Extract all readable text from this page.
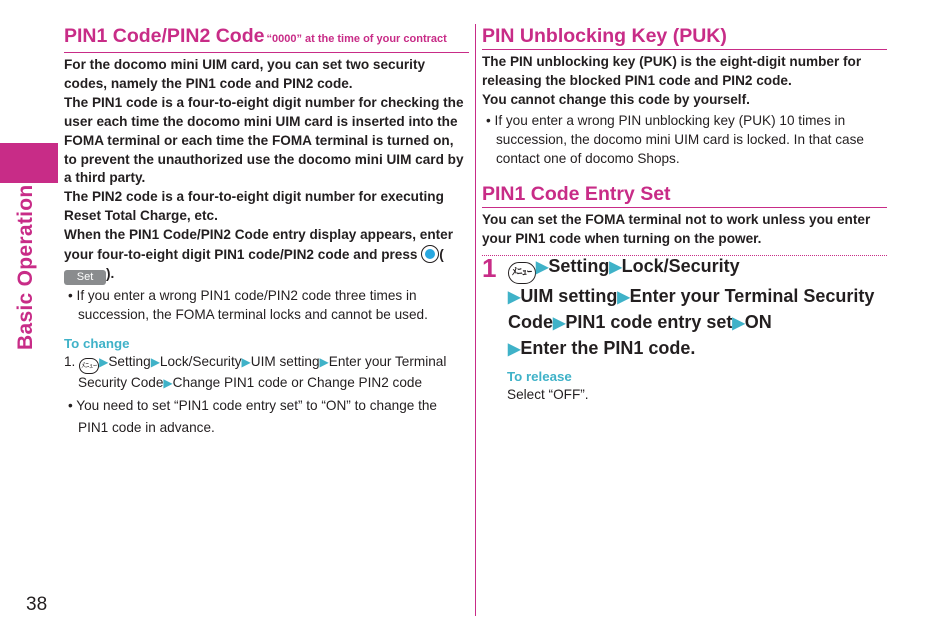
Basic Operation
38
PIN1 Code/PIN2 Code “0000” at the time of your contract
For the docomo mini UIM card, you can set two security codes, namely the PIN1 code and PIN2 code.
The PIN1 code is a four-to-eight digit number for checking the user each time the docomo mini UIM card is inserted into the FOMA terminal or each time the FOMA terminal is turned on, to prevent the unauthorized use the docomo mini UIM card by a third party.
The PIN2 code is a four-to-eight digit number for executing Reset Total Charge, etc.
When the PIN1 Code/PIN2 Code entry display appears, enter your four-to-eight digit PIN1 code/PIN2 code and press (Set ).
• If you enter a wrong PIN1 code/PIN2 code three times in succession, the FOMA terminal locks and cannot be used.
To change
1. ﾒﾆｭｰ ▶Setting▶Lock/Security▶UIM setting▶Enter your Terminal Security Code▶Change PIN1 code or Change PIN2 code
• You need to set “PIN1 code entry set” to “ON” to change the PIN1 code in advance.
PIN Unblocking Key (PUK)
The PIN unblocking key (PUK) is the eight-digit number for releasing the blocked PIN1 code and PIN2 code.
You cannot change this code by yourself.
• If you enter a wrong PIN unblocking key (PUK) 10 times in succession, the docomo mini UIM card is locked. In that case contact one of docomo Shops.
PIN1 Code Entry Set
You can set the FOMA terminal not to work unless you enter your PIN1 code when turning on the power.
1	ﾒﾆｭｰ ▶Setting▶Lock/Security
▶UIM setting▶Enter your Terminal Security Code▶PIN1 code entry set▶ON
▶Enter the PIN1 code.
To release
Select “OFF”.
